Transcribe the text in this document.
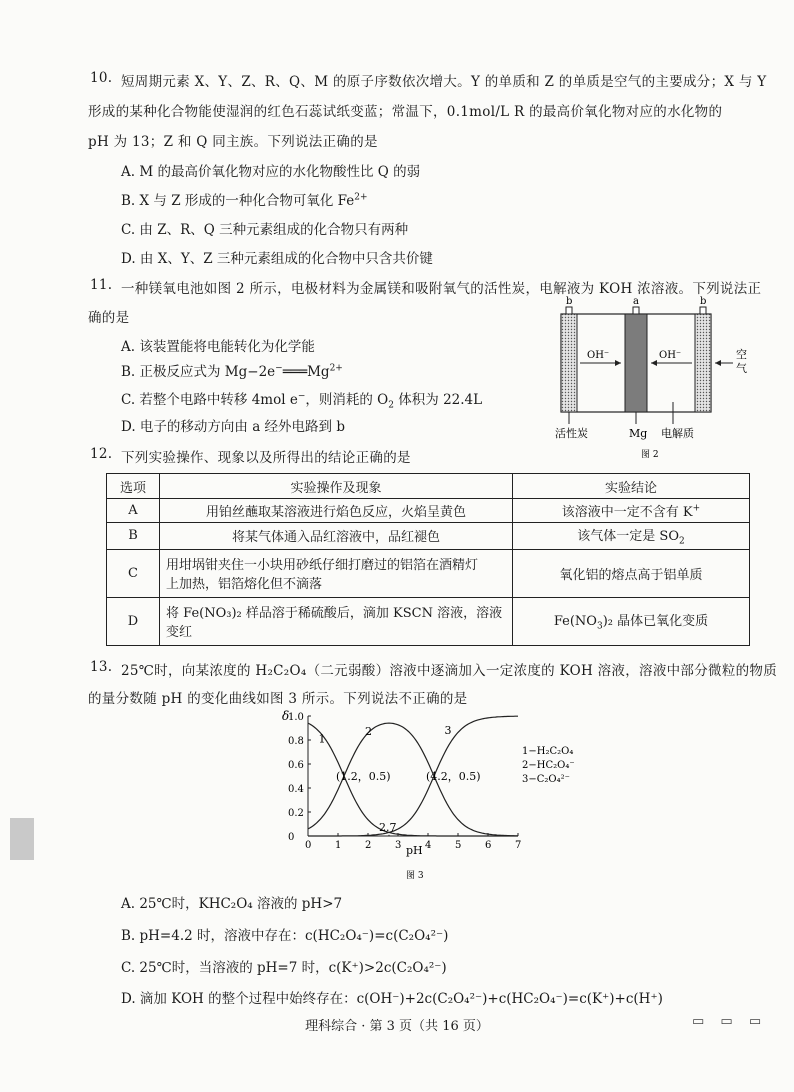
10. 短周期元素 X、Y、Z、R、Q、M 的原子序数依次增大。Y 的单质和 Z 的单质是空气的主要成分；X 与 Y
形成的某种化合物能使湿润的红色石蕊试纸变蓝；常温下，0.1mol/L R 的最高价氧化物对应的水化物的
pH 为 13；Z 和 Q 同主族。下列说法正确的是
A. M 的最高价氧化物对应的水化物酸性比 Q 的弱
B. X 与 Z 形成的一种化合物可氧化 $Fe^{2+}$
C. 由 Z、R、Q 三种元素组成的化合物只有两种
D. 由 X、Y、Z 三种元素组成的化合物中只含共价键
11. 一种镁氧电池如图 2 所示，电极材料为金属镁和吸附氧气的活性炭，电解液为 KOH 浓溶液。下列说法正
确的是
A. 该装置能将电能转化为化学能
B. 正极反应式为 $Mg-2e^-═══Mg^{2+}$
C. 若整个电路中转移 4mol e−，则消耗的 $O_2$ 体积为 22.4L
D. 电子的移动方向由 a 经外电路到 b
b	a	b
OH⁻	OH⁻	空
气
活性炭	Mg 电解质
图 2
12. 下列实验操作、现象以及所得出的结论正确的是
选项	实验操作及现象	实验结论
A	用铂丝蘸取某溶液进行焰色反应，火焰呈黄色	该溶液中一定不含有 K+
B	将某气体通入品红溶液中，品红褪色	该气体一定是 $SO_2$
C	用坩埚钳夹住一小块用砂纸仔细打磨过的铝箔在酒精灯
上加热，铝箔熔化但不滴落	氧化铝的熔点高于铝单质
D	将 Fe(NO₃)₂ 样品溶于稀硫酸后，滴加 KSCN 溶液，溶液
变红	$Fe(NO_3)_2$ 晶体已氧化变质
13. 25℃时，向某浓度的 H₂C₂O₄（二元弱酸）溶液中逐滴加入一定浓度的 KOH 溶液，溶液中部分微粒的物质
的量分数随 pH 的变化曲线如图 3 所示。下列说法不正确的是
δ
pH
图 3
0 1 2 3 4 5 6 7
0
0.2
0.4
0.6
0.8
1.0
1
2	3
(1.2，0.5)	(4.2，0.5)
2.7
1−H₂C₂O₄
2−HC₂O₄⁻
3−C₂O₄²⁻
A. 25℃时，KHC₂O₄ 溶液的 pH>7
B. pH=4.2 时，溶液中存在：c(HC₂O₄⁻)=c(C₂O₄²⁻)
C. 25℃时，当溶液的 pH=7 时，c(K⁺)>2c(C₂O₄²⁻)
D. 滴加 KOH 的整个过程中始终存在：c(OH⁻)+2c(C₂O₄²⁻)+c(HC₂O₄⁻)=c(K⁺)+c(H⁺)
理科综合 · 第 3 页（共 16 页）	▭ ▭ ▭
